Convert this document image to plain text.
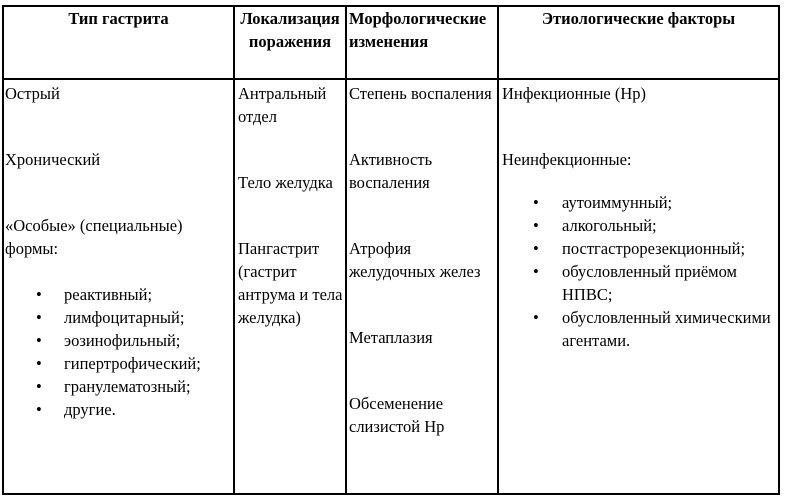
Тип гастрита	Локализация поражения
Морфологические изменения
Этиологические факторы

Острый

Хронический

«Особые» (специальные) формы:

• реактивный;
• лимфоцитарный;
• эозинофильный;
• гипертрофический;
• гранулематозный;
• другие.

Антральный отдел

Тело желудка

Пангастрит (гастрит антрума и тела желудка)

Степень воспаления

Активность воспаления

Атрофия желудочных желез

Метаплазия

Обсеменение слизистой Hp

Инфекционные (Hp)

Неинфекционные:

• аутоиммунный;
• алкогольный;
• постгастрорезекционный;
• обусловленный приёмом НПВС;
• обусловленный химическими агентами.
